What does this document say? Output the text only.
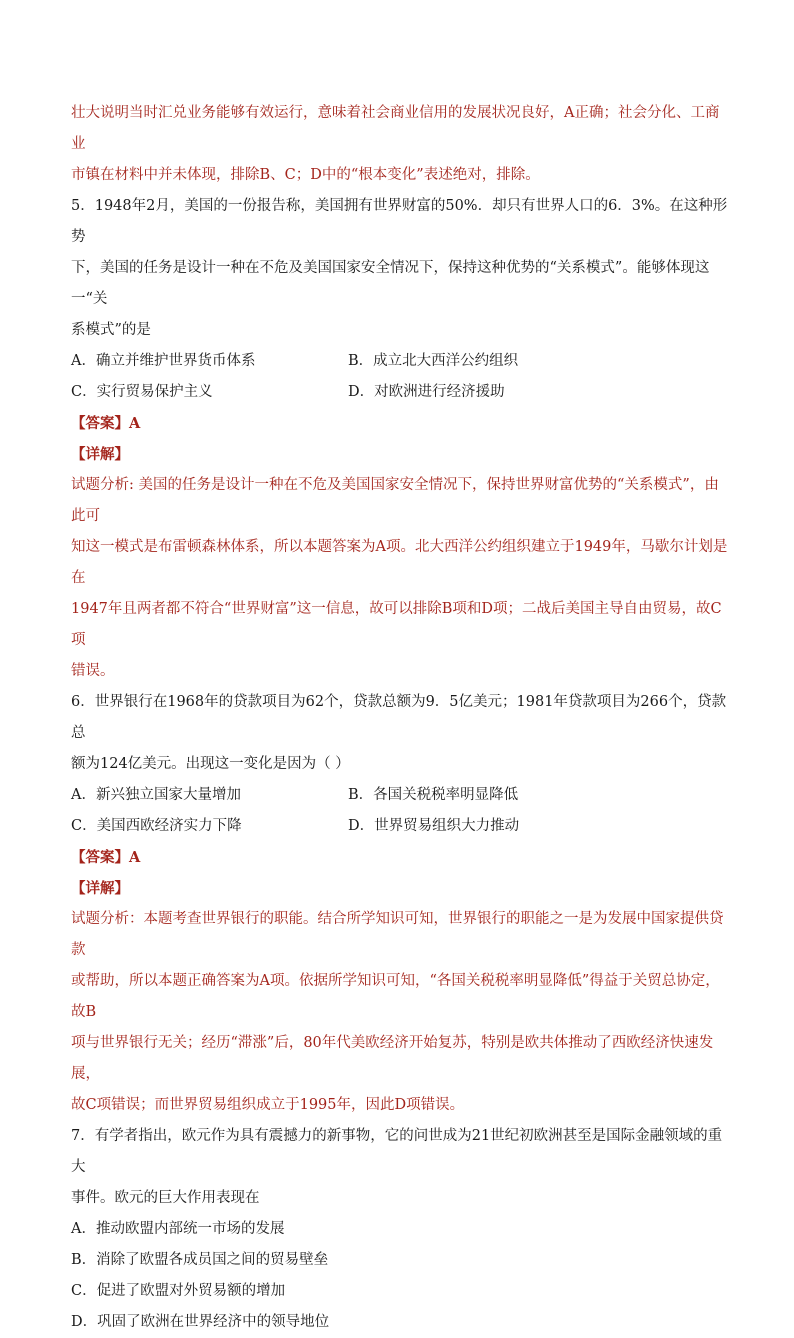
壮大说明当时汇兑业务能够有效运行，意味着社会商业信用的发展状况良好，A正确；社会分化、工商业

市镇在材料中并未体现，排除B、C；D中的“根本变化”表述绝对，排除。

5．1948年2月，美国的一份报告称，美国拥有世界财富的50%．却只有世界人口的6．3%。在这种形势

下，美国的任务是设计一种在不危及美国国家安全情况下，保持这种优势的“关系模式”。能够体现这一“关

系模式”的是

A．确立并维护世界货币体系	B．成立北大西洋公约组织
C．实行贸易保护主义	D．对欧洲进行经济援助

【答案】A

【详解】

试题分析: 美国的任务是设计一种在不危及美国国家安全情况下，保持世界财富优势的“关系模式”，由此可

知这一模式是布雷顿森林体系，所以本题答案为A项。北大西洋公约组织建立于1949年，马歇尔计划是在

1947年且两者都不符合“世界财富”这一信息，故可以排除B项和D项；二战后美国主导自由贸易，故C项

错误。

6．世界银行在1968年的贷款项目为62个，贷款总额为9．5亿美元；1981年贷款项目为266个，贷款总

额为124亿美元。出现这一变化是因为（ ）

A．新兴独立国家大量增加	B．各国关税税率明显降低
C．美国西欧经济实力下降	D．世界贸易组织大力推动

【答案】A

【详解】

试题分析：本题考查世界银行的职能。结合所学知识可知，世界银行的职能之一是为发展中国家提供贷款

或帮助，所以本题正确答案为A项。依据所学知识可知，“各国关税税率明显降低”得益于关贸总协定，故B

项与世界银行无关；经历“滞涨”后，80年代美欧经济开始复苏，特别是欧共体推动了西欧经济快速发展，

故C项错误；而世界贸易组织成立于1995年，因此D项错误。

7．有学者指出，欧元作为具有震撼力的新事物，它的问世成为21世纪初欧洲甚至是国际金融领域的重大

事件。欧元的巨大作用表现在

A．推动欧盟内部统一市场的发展

B．消除了欧盟各成员国之间的贸易壁垒

C．促进了欧盟对外贸易额的增加

D．巩固了欧洲在世界经济中的领导地位
